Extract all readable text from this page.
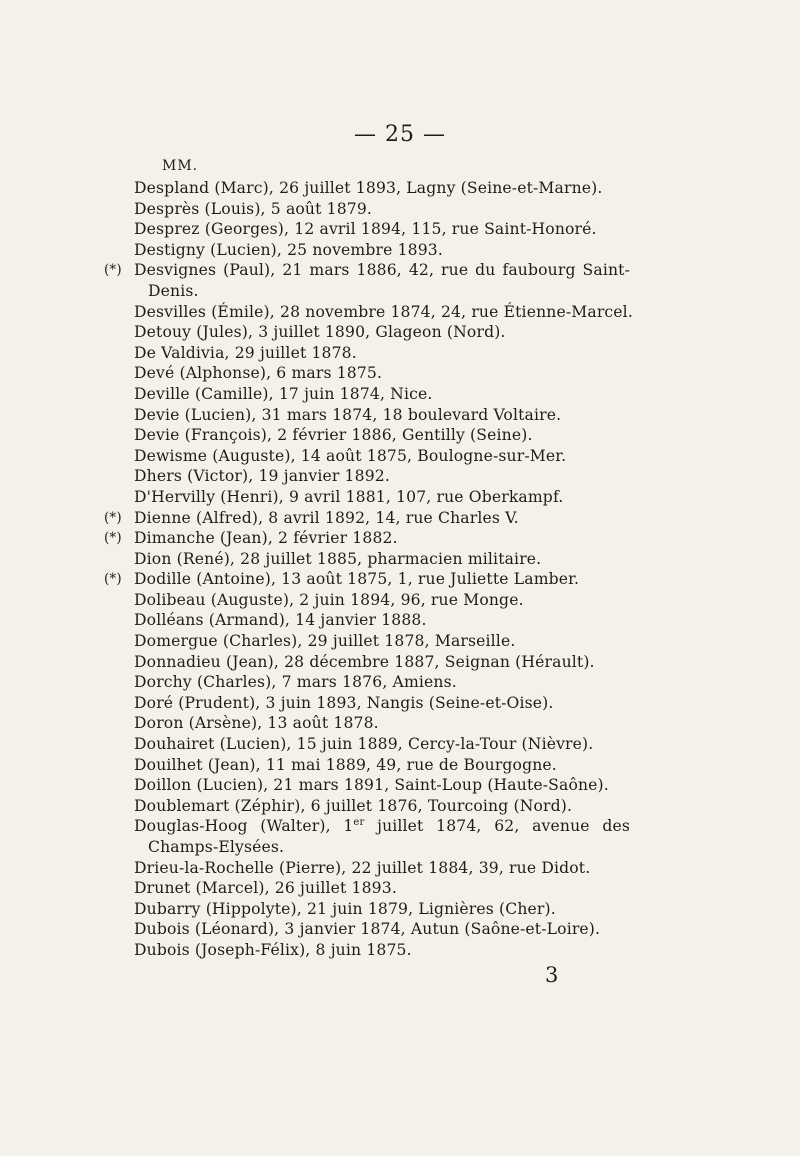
— 25 —
MM.
Despland (Marc), 26 juillet 1893, Lagny (Seine-et-Marne).
Desprès (Louis), 5 août 1879.
Desprez (Georges), 12 avril 1894, 115, rue Saint-Honoré.
Destigny (Lucien), 25 novembre 1893.
(*) Desvignes (Paul), 21 mars 1886, 42, rue du faubourg Saint-
Denis.
Desvilles (Émile), 28 novembre 1874, 24, rue Étienne-Marcel.
Detouy (Jules), 3 juillet 1890, Glageon (Nord).
De Valdivia, 29 juillet 1878.
Devé (Alphonse), 6 mars 1875.
Deville (Camille), 17 juin 1874, Nice.
Devie (Lucien), 31 mars 1874, 18 boulevard Voltaire.
Devie (François), 2 février 1886, Gentilly (Seine).
Dewisme (Auguste), 14 août 1875, Boulogne-sur-Mer.
Dhers (Victor), 19 janvier 1892.
D'Hervilly (Henri), 9 avril 1881, 107, rue Oberkampf.
(*) Dienne (Alfred), 8 avril 1892, 14, rue Charles V.
(*) Dimanche (Jean), 2 février 1882.
Dion (René), 28 juillet 1885, pharmacien militaire.
(*) Dodille (Antoine), 13 août 1875, 1, rue Juliette Lamber.
Dolibeau (Auguste), 2 juin 1894, 96, rue Monge.
Dolléans (Armand), 14 janvier 1888.
Domergue (Charles), 29 juillet 1878, Marseille.
Donnadieu (Jean), 28 décembre 1887, Seignan (Hérault).
Dorchy (Charles), 7 mars 1876, Amiens.
Doré (Prudent), 3 juin 1893, Nangis (Seine-et-Oise).
Doron (Arsène), 13 août 1878.
Douhairet (Lucien), 15 juin 1889, Cercy-la-Tour (Nièvre).
Douilhet (Jean), 11 mai 1889, 49, rue de Bourgogne.
Doillon (Lucien), 21 mars 1891, Saint-Loup (Haute-Saône).
Doublemart (Zéphir), 6 juillet 1876, Tourcoing (Nord).
Douglas-Hoog (Walter), 1er juillet 1874, 62, avenue des
Champs-Elysées.
Drieu-la-Rochelle (Pierre), 22 juillet 1884, 39, rue Didot.
Drunet (Marcel), 26 juillet 1893.
Dubarry (Hippolyte), 21 juin 1879, Lignières (Cher).
Dubois (Léonard), 3 janvier 1874, Autun (Saône-et-Loire).
Dubois (Joseph-Félix), 8 juin 1875.
3
